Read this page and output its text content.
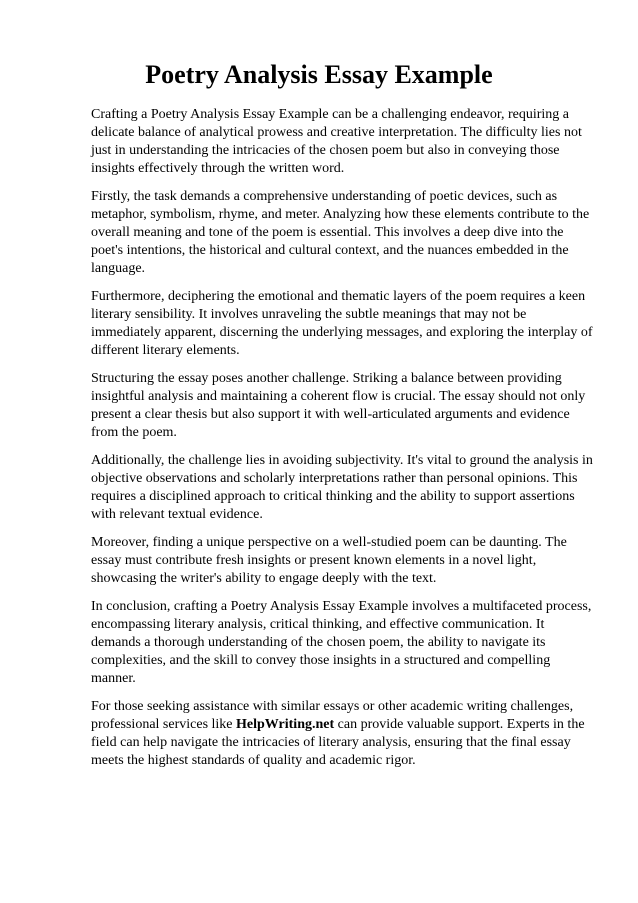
Poetry Analysis Essay Example

Crafting a Poetry Analysis Essay Example can be a challenging endeavor, requiring a delicate balance of analytical prowess and creative interpretation. The difficulty lies not just in understanding the intricacies of the chosen poem but also in conveying those insights effectively through the written word.

Firstly, the task demands a comprehensive understanding of poetic devices, such as metaphor, symbolism, rhyme, and meter. Analyzing how these elements contribute to the overall meaning and tone of the poem is essential. This involves a deep dive into the poet's intentions, the historical and cultural context, and the nuances embedded in the language.

Furthermore, deciphering the emotional and thematic layers of the poem requires a keen literary sensibility. It involves unraveling the subtle meanings that may not be immediately apparent, discerning the underlying messages, and exploring the interplay of different literary elements.

Structuring the essay poses another challenge. Striking a balance between providing insightful analysis and maintaining a coherent flow is crucial. The essay should not only present a clear thesis but also support it with well-articulated arguments and evidence from the poem.

Additionally, the challenge lies in avoiding subjectivity. It's vital to ground the analysis in objective observations and scholarly interpretations rather than personal opinions. This requires a disciplined approach to critical thinking and the ability to support assertions with relevant textual evidence.

Moreover, finding a unique perspective on a well-studied poem can be daunting. The essay must contribute fresh insights or present known elements in a novel light, showcasing the writer's ability to engage deeply with the text.

In conclusion, crafting a Poetry Analysis Essay Example involves a multifaceted process, encompassing literary analysis, critical thinking, and effective communication. It demands a thorough understanding of the chosen poem, the ability to navigate its complexities, and the skill to convey those insights in a structured and compelling manner.

For those seeking assistance with similar essays or other academic writing challenges, professional services like HelpWriting.net can provide valuable support. Experts in the field can help navigate the intricacies of literary analysis, ensuring that the final essay meets the highest standards of quality and academic rigor.
